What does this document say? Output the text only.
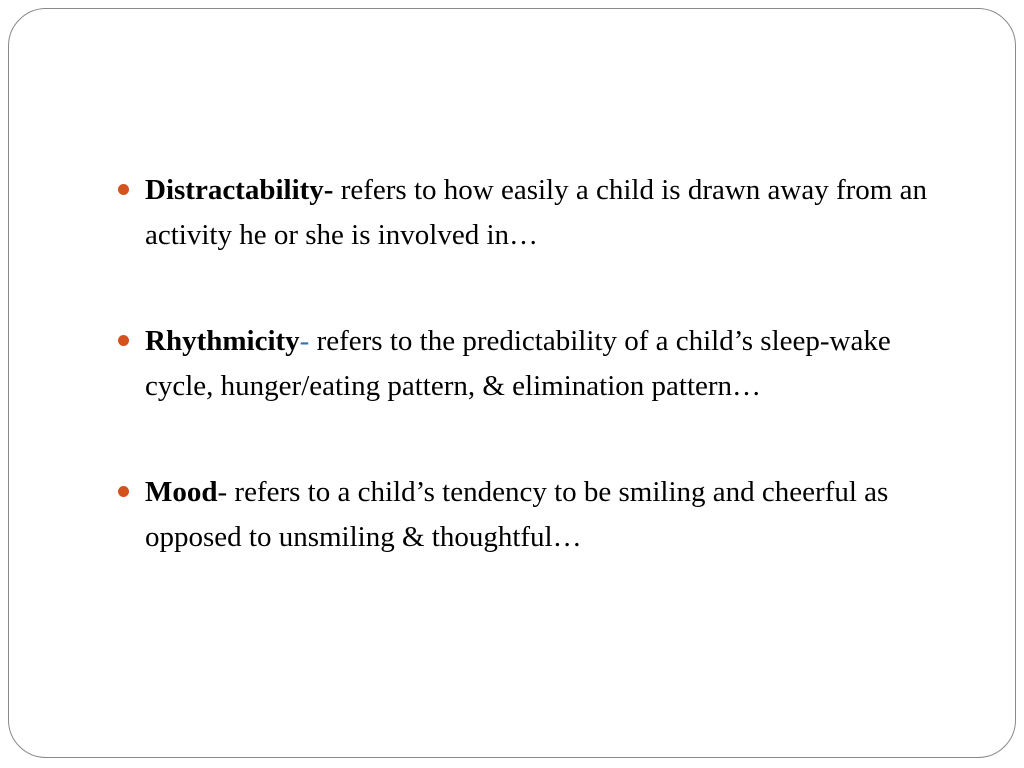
Distractability- refers to how easily a child is drawn away from an activity he or she is involved in…
Rhythmicity- refers to the predictability of a child’s sleep-wake cycle, hunger/eating pattern, & elimination pattern…
Mood- refers to a child’s tendency to be smiling and cheerful as opposed to unsmiling & thoughtful…
